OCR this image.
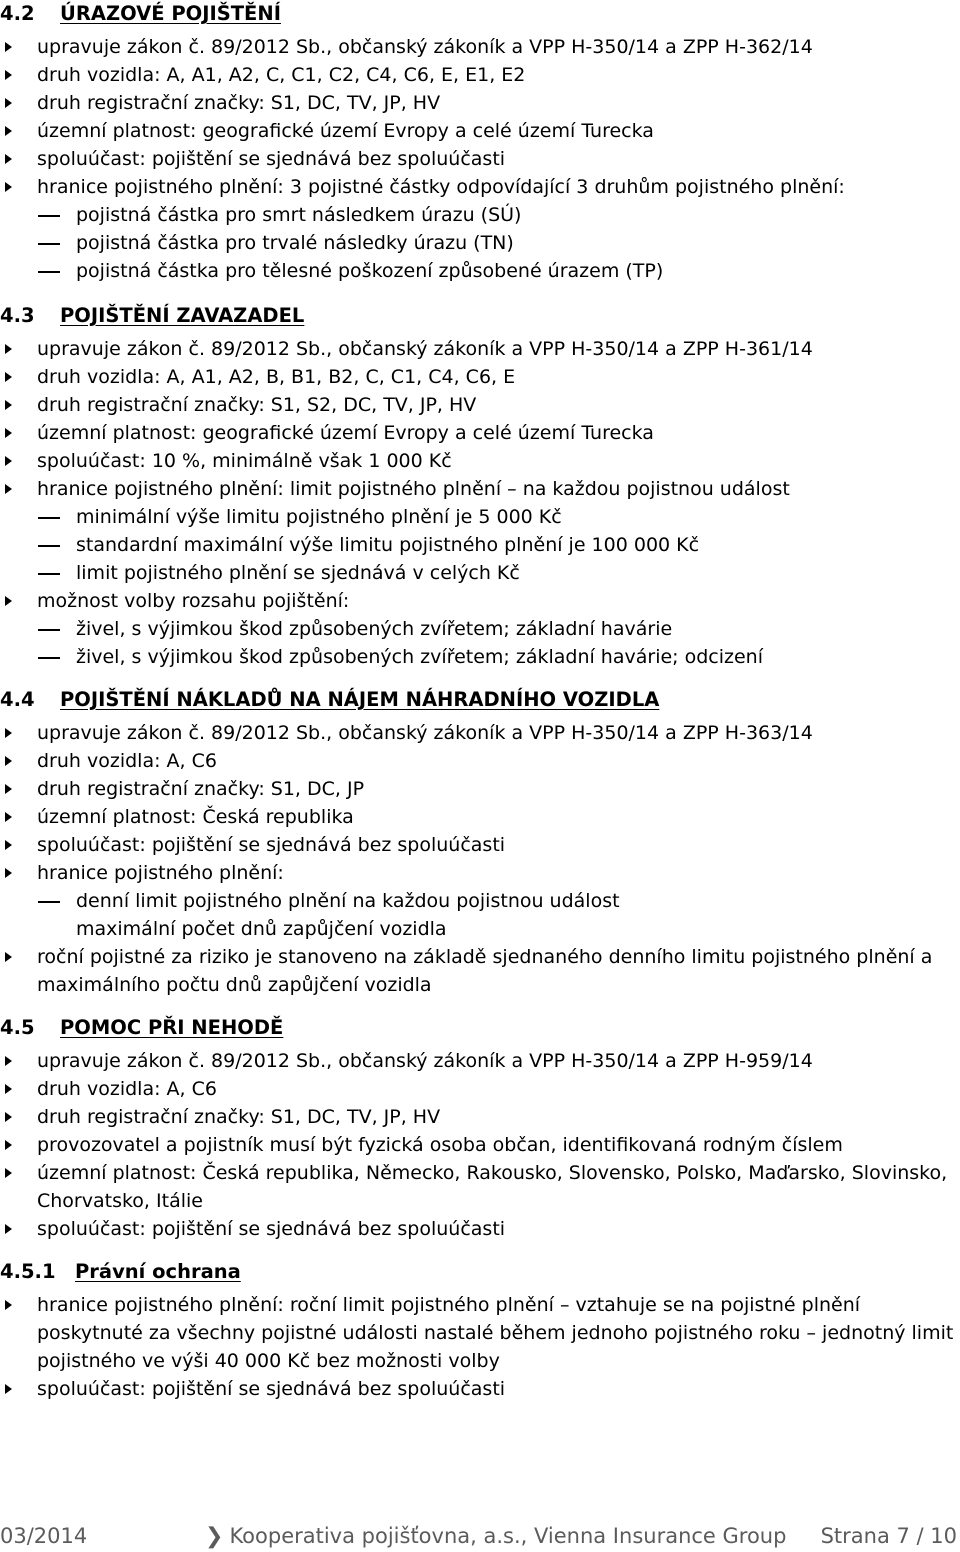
4.2 ÚRAZOVÉ POJIŠTĚNÍ
upravuje zákon č. 89/2012 Sb., občanský zákoník a VPP H-350/14 a ZPP H-362/14
druh vozidla: A, A1, A2, C, C1, C2, C4, C6, E, E1, E2
druh registrační značky: S1, DC, TV, JP, HV
územní platnost: geografické území Evropy a celé území Turecka
spoluúčast: pojištění se sjednává bez spoluúčasti
hranice pojistného plnění: 3 pojistné částky odpovídající 3 druhům pojistného plnění:
pojistná částka pro smrt následkem úrazu (SÚ)
pojistná částka pro trvalé následky úrazu (TN)
pojistná částka pro tělesné poškození způsobené úrazem (TP)
4.3 POJIŠTĚNÍ ZAVAZADEL
upravuje zákon č. 89/2012 Sb., občanský zákoník a VPP H-350/14 a ZPP H-361/14
druh vozidla: A, A1, A2, B, B1, B2, C, C1, C4, C6, E
druh registrační značky: S1, S2, DC, TV, JP, HV
územní platnost: geografické území Evropy a celé území Turecka
spoluúčast: 10 %, minimálně však 1 000 Kč
hranice pojistného plnění: limit pojistného plnění – na každou pojistnou událost
minimální výše limitu pojistného plnění je 5 000 Kč
standardní maximální výše limitu pojistného plnění je 100 000 Kč
limit pojistného plnění se sjednává v celých Kč
možnost volby rozsahu pojištění:
živel, s výjimkou škod způsobených zvířetem; základní havárie
živel, s výjimkou škod způsobených zvířetem; základní havárie; odcizení
4.4 POJIŠTĚNÍ NÁKLADŮ NA NÁJEM NÁHRADNÍHO VOZIDLA
upravuje zákon č. 89/2012 Sb., občanský zákoník a VPP H-350/14 a ZPP H-363/14
druh vozidla: A, C6
druh registrační značky: S1, DC, JP
územní platnost: Česká republika
spoluúčast: pojištění se sjednává bez spoluúčasti
hranice pojistného plnění:
denní limit pojistného plnění na každou pojistnou událost
maximální počet dnů zapůjčení vozidla
roční pojistné za riziko je stanoveno na základě sjednaného denního limitu pojistného plnění a maximálního počtu dnů zapůjčení vozidla
4.5 POMOC PŘI NEHODĚ
upravuje zákon č. 89/2012 Sb., občanský zákoník a VPP H-350/14 a ZPP H-959/14
druh vozidla: A, C6
druh registrační značky: S1, DC, TV, JP, HV
provozovatel a pojistník musí být fyzická osoba občan, identifikovaná rodným číslem
územní platnost: Česká republika, Německo, Rakousko, Slovensko, Polsko, Maďarsko, Slovinsko, Chorvatsko, Itálie
spoluúčast: pojištění se sjednává bez spoluúčasti
4.5.1 Právní ochrana
hranice pojistného plnění: roční limit pojistného plnění – vztahuje se na pojistné plnění poskytnuté za všechny pojistné události nastalé během jednoho pojistného roku – jednotný limit pojistného ve výši 40 000 Kč bez možnosti volby
spoluúčast: pojištění se sjednává bez spoluúčasti
03/2014	❯ Kooperativa pojišťovna, a.s., Vienna Insurance Group Strana 7 / 10
